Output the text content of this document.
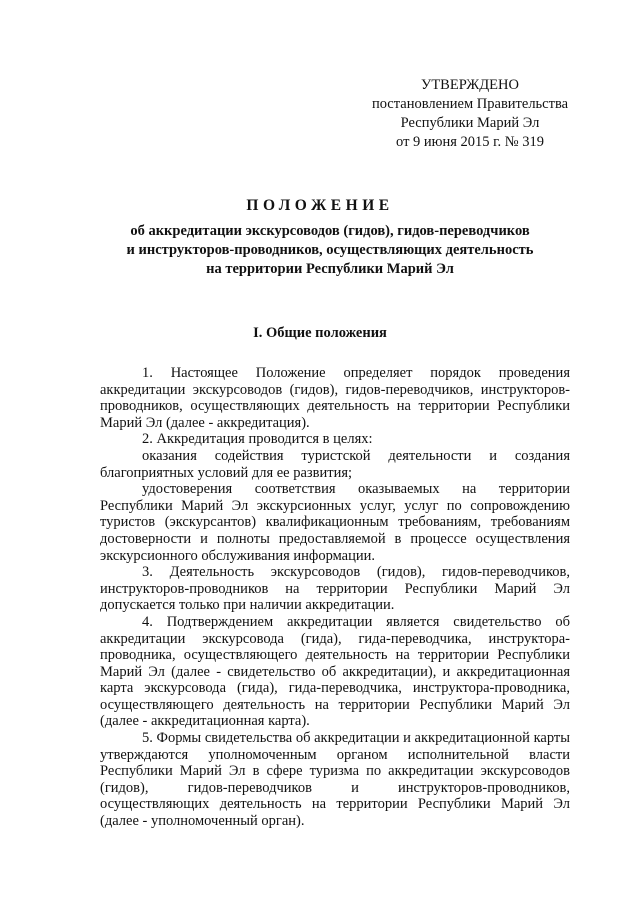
УТВЕРЖДЕНО
постановлением Правительства
Республики Марий Эл
от 9 июня 2015 г. № 319
ПОЛОЖЕНИЕ
об аккредитации экскурсоводов (гидов), гидов-переводчиков
и инструкторов-проводников, осуществляющих деятельность
на территории Республики Марий Эл
I. Общие положения

1. Настоящее Положение определяет порядок проведения аккредитации экскурсоводов (гидов), гидов-переводчиков, инструкторов-проводников, осуществляющих деятельность на территории Республики Марий Эл (далее - аккредитация).

2. Аккредитация проводится в целях:

оказания содействия туристской деятельности и создания благоприятных условий для ее развития;

удостоверения соответствия оказываемых на территории Республики Марий Эл экскурсионных услуг, услуг по сопровождению туристов (экскурсантов) квалификационным требованиям, требованиям достоверности и полноты предоставляемой в процессе осуществления экскурсионного обслуживания информации.

3. Деятельность экскурсоводов (гидов), гидов-переводчиков, инструкторов-проводников на территории Республики Марий Эл допускается только при наличии аккредитации.

4. Подтверждением аккредитации является свидетельство об аккредитации экскурсовода (гида), гида-переводчика, инструктора-проводника, осуществляющего деятельность на территории Республики Марий Эл (далее - свидетельство об аккредитации), и аккредитационная карта экскурсовода (гида), гида-переводчика, инструктора-проводника, осуществляющего деятельность на территории Республики Марий Эл (далее - аккредитационная карта).

5. Формы свидетельства об аккредитации и аккредитационной карты утверждаются уполномоченным органом исполнительной власти Республики Марий Эл в сфере туризма по аккредитации экскурсоводов (гидов), гидов-переводчиков и инструкторов-проводников, осуществляющих деятельность на территории Республики Марий Эл (далее - уполномоченный орган).
